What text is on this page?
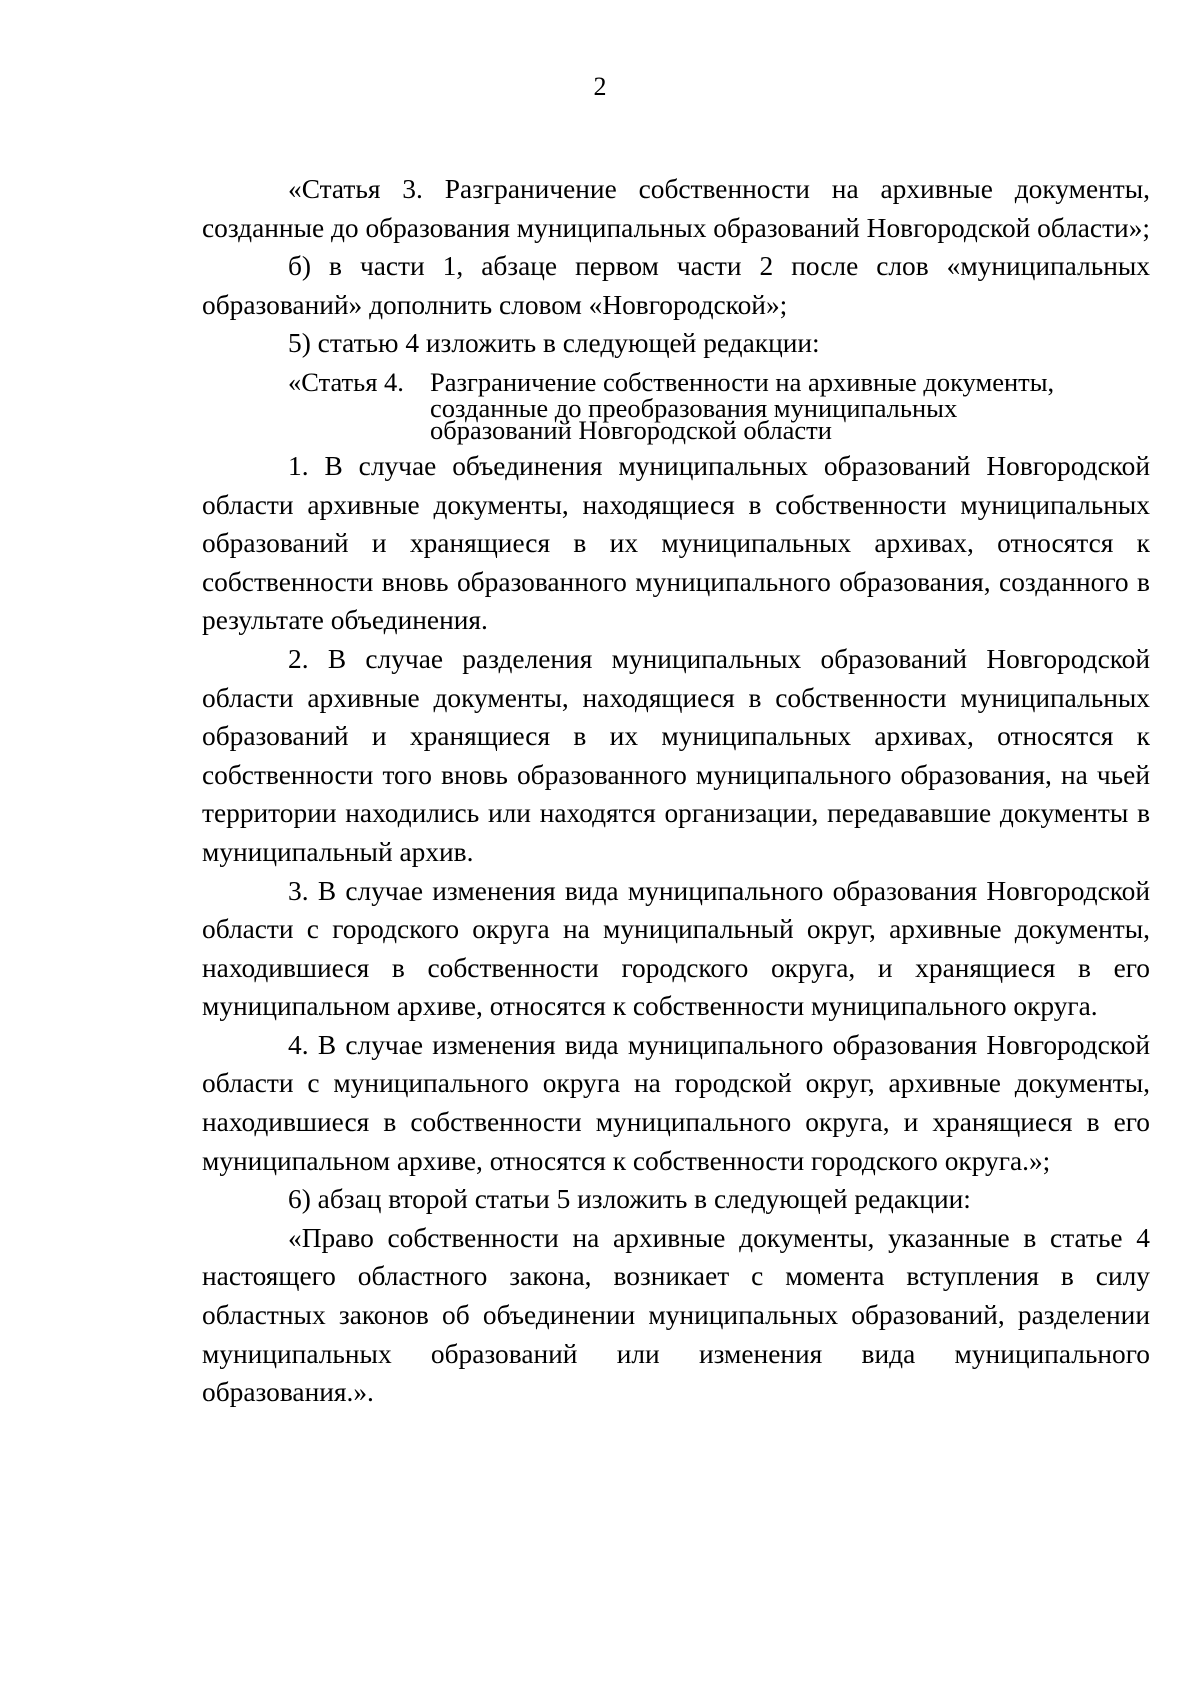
2

«Статья 3. Разграничение собственности на архивные документы, созданные до образования муниципальных образований Новгородской области»;

б) в части 1, абзаце первом части 2 после слов «муниципальных образований» дополнить словом «Новгородской»;

5) статью 4 изложить в следующей редакции:

«Статья 4. Разграничение собственности на архивные документы,
созданные до преобразования муниципальных
образований Новгородской области

1. В случае объединения муниципальных образований Новгородской области архивные документы, находящиеся в собственности муниципальных образований и хранящиеся в их муниципальных архивах, относятся к собственности вновь образованного муниципального образования, созданного в результате объединения.

2. В случае разделения муниципальных образований Новгородской области архивные документы, находящиеся в собственности муниципальных образований и хранящиеся в их муниципальных архивах, относятся к собственности того вновь образованного муниципального образования, на чьей территории находились или находятся организации, передававшие документы в муниципальный архив.

3. В случае изменения вида муниципального образования Новгородской области с городского округа на муниципальный округ, архивные документы, находившиеся в собственности городского округа, и хранящиеся в его муниципальном архиве, относятся к собственности муниципального округа.

4. В случае изменения вида муниципального образования Новгородской области с муниципального округа на городской округ, архивные документы, находившиеся в собственности муниципального округа, и хранящиеся в его муниципальном архиве, относятся к собственности городского округа.»;

6) абзац второй статьи 5 изложить в следующей редакции:

«Право собственности на архивные документы, указанные в статье 4 настоящего областного закона, возникает с момента вступления в силу областных законов об объединении муниципальных образований, разделении муниципальных образований или изменения вида муниципального образования.».
